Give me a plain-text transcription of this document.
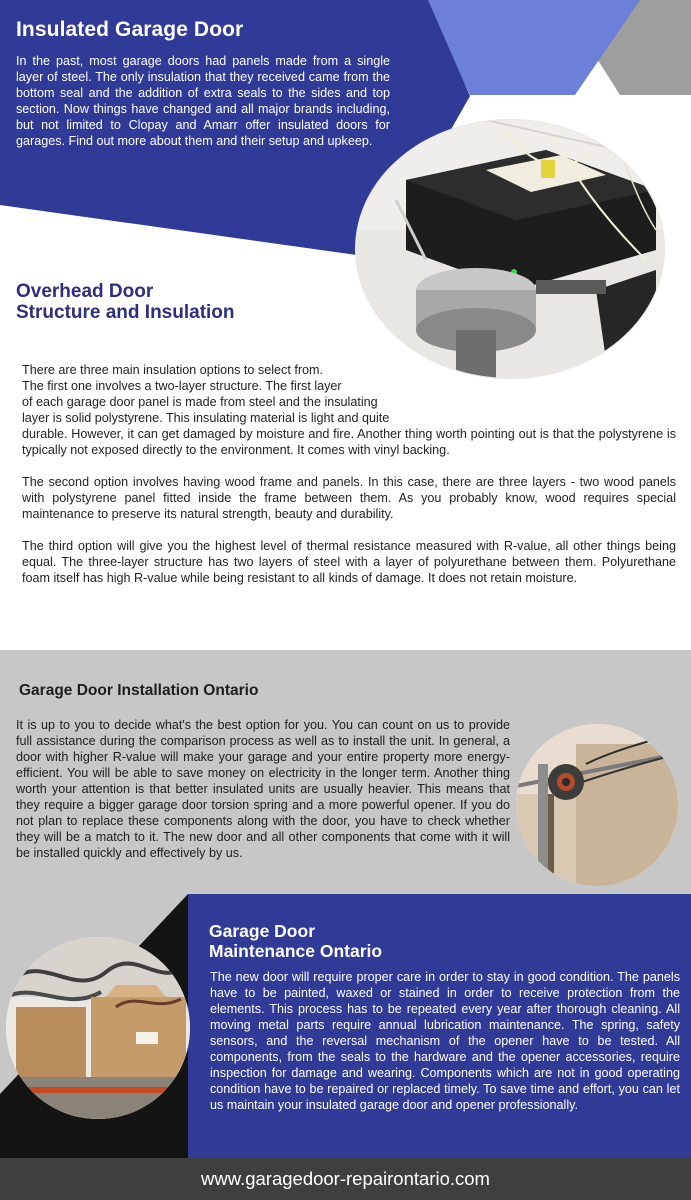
Insulated Garage Door
In the past, most garage doors had panels made from a single layer of steel. The only insulation that they received came from the bottom seal and the addition of extra seals to the sides and top section. Now things have changed and all major brands including, but not limited to Clopay and Amarr offer insulated doors for garages. Find out more about them and their setup and upkeep.
Overhead Door
Structure and Insulation
There are three main insulation options to select from.
The first one involves a two-layer structure. The first layer
of each garage door panel is made from steel and the insulating
layer is solid polystyrene. This insulating material is light and quite
durable. However, it can get damaged by moisture and fire. Another thing worth pointing out is that the polystyrene is typically not exposed directly to the environment. It comes with vinyl backing.

The second option involves having wood frame and panels. In this case, there are three layers - two wood panels with polystyrene panel fitted inside the frame between them. As you probably know, wood requires special maintenance to preserve its natural strength, beauty and durability.

The third option will give you the highest level of thermal resistance measured with R-value, all other things being equal. The three-layer structure has two layers of steel with a layer of polyurethane between them. Polyurethane foam itself has high R-value while being resistant to all kinds of damage. It does not retain moisture.

Garage Door Installation Ontario
It is up to you to decide what's the best option for you. You can count on us to provide full assistance during the comparison process as well as to install the unit. In general, a door with higher R-value will make your garage and your entire property more energy-efficient. You will be able to save money on electricity in the longer term. Another thing worth your attention is that better insulated units are usually heavier. This means that they require a bigger garage door torsion spring and a more powerful opener. If you do not plan to replace these components along with the door, you have to check whether they will be a match to it. The new door and all other components that come with it will be installed quickly and effectively by us.
Garage Door
Maintenance Ontario
The new door will require proper care in order to stay in good condition. The panels have to be painted, waxed or stained in order to receive protection from the elements. This process has to be repeated every year after thorough cleaning. All moving metal parts require annual lubrication maintenance. The spring, safety sensors, and the reversal mechanism of the opener have to be tested. All components, from the seals to the hardware and the opener accessories, require inspection for damage and wearing. Components which are not in good operating condition have to be repaired or replaced timely. To save time and effort, you can let us maintain your insulated garage door and opener professionally.
www.garagedoor-repairontario.com
